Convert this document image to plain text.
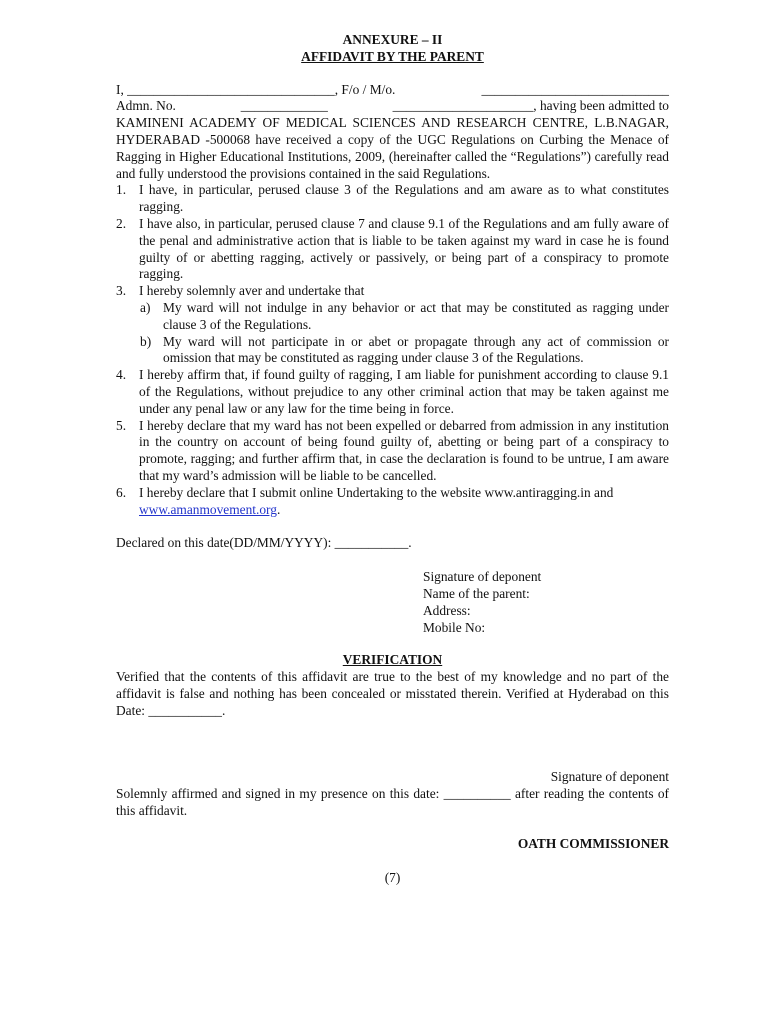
ANNEXURE – II
AFFIDAVIT BY THE PARENT
I, _______________________________, F/o / M/o.	____________________________
Admn. No.	_____________	_____________________, having been admitted to
KAMINENI ACADEMY OF MEDICAL SCIENCES AND RESEARCH CENTRE, L.B.NAGAR, HYDERABAD -500068 have received a copy of the UGC Regulations on Curbing the Menace of Ragging in Higher Educational Institutions, 2009, (hereinafter called the “Regulations”) carefully read and fully understood the provisions contained in the said Regulations.
1. I have, in particular, perused clause 3 of the Regulations and am aware as to what constitutes ragging.
2. I have also, in particular, perused clause 7 and clause 9.1 of the Regulations and am fully aware of the penal and administrative action that is liable to be taken against my ward in case he is found guilty of or abetting ragging, actively or passively, or being part of a conspiracy to promote ragging.
3. I hereby solemnly aver and undertake that
a) My ward will not indulge in any behavior or act that may be constituted as ragging under clause 3 of the Regulations.
b) My ward will not participate in or abet or propagate through any act of commission or omission that may be constituted as ragging under clause 3 of the Regulations.
4. I hereby affirm that, if found guilty of ragging, I am liable for punishment according to clause 9.1 of the Regulations, without prejudice to any other criminal action that may be taken against me under any penal law or any law for the time being in force.
5. I hereby declare that my ward has not been expelled or debarred from admission in any institution in the country on account of being found guilty of, abetting or being part of a conspiracy to promote, ragging; and further affirm that, in case the declaration is found to be untrue, I am aware that my ward’s admission will be liable to be cancelled.
6. I hereby declare that I submit online Undertaking to the website www.antiragging.in and www.amanmovement.org.
Declared on this date(DD/MM/YYYY): ___________.
Signature of deponent
Name of the parent:
Address:
Mobile No:
VERIFICATION
Verified that the contents of this affidavit are true to the best of my knowledge and no part of the affidavit is false and nothing has been concealed or misstated therein. Verified at Hyderabad on this Date: ___________.
Signature of deponent
Solemnly affirmed and signed in my presence on this date: __________ after reading the contents of this affidavit.
OATH COMMISSIONER
(7)
